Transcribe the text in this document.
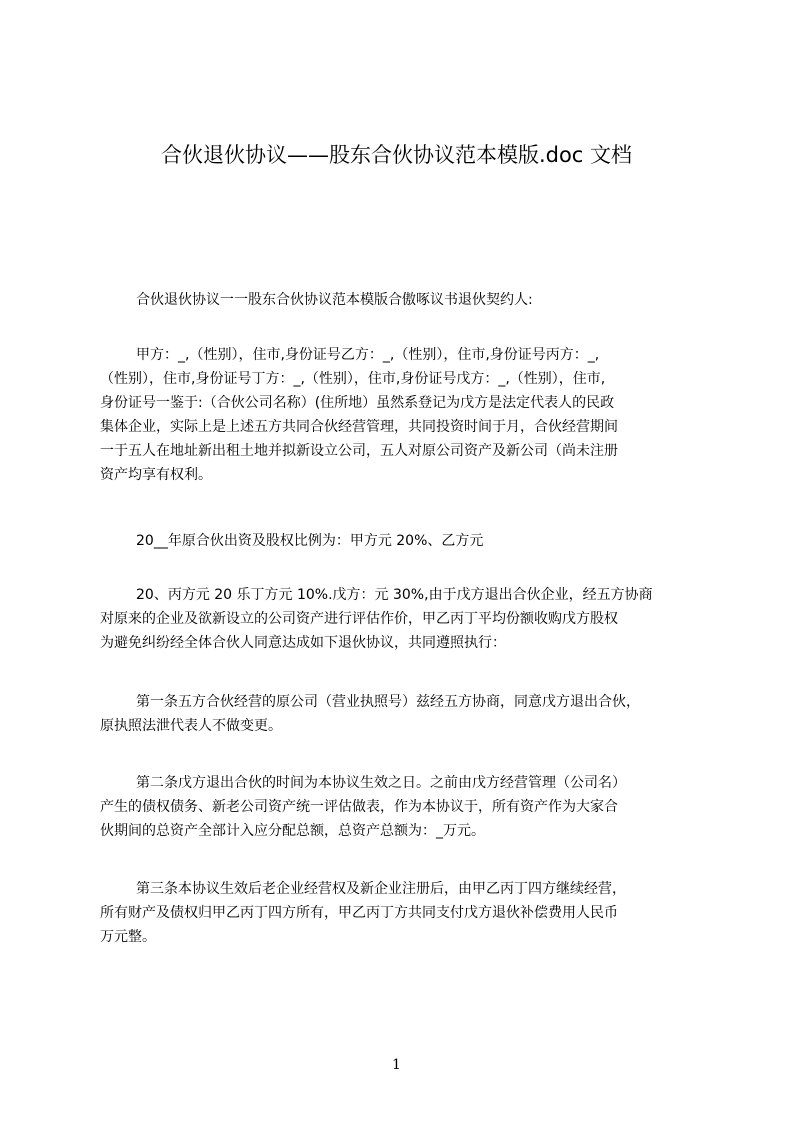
合伙退伙协议——股东合伙协议范本模版.doc 文档
合伙退伙协议一一股东合伙协议范本模版合傲啄议书退伙契约人:
甲方：_,（性别），住市,身份证号乙方：_,（性别），住市,身份证号丙方：_,
（性别），住市,身份证号丁方：_,（性别），住市,身份证号戊方：_,（性别），住市,
身份证号一鉴于:（合伙公司名称）(住所地）虽然系登记为戊方是法定代表人的民政
集体企业，实际上是上述五方共同合伙经营管理，共同投资时间于月，合伙经营期间
一于五人在地址新出租土地并拟新设立公司，五人对原公司资产及新公司（尚未注册
资产均享有权利。
20__年原合伙出资及股权比例为：甲方元 20%、乙方元
20、丙方元 20 乐丁方元 10%.戊方：元 30%,由于戊方退出合伙企业，经五方协商
对原来的企业及欲新设立的公司资产进行评估作价，甲乙丙丁平均份额收购戊方股权
为避免纠纷经全体合伙人同意达成如下退伙协议，共同遵照执行：
第一条五方合伙经营的原公司（营业执照号）兹经五方协商，同意戊方退出合伙，
原执照法泄代表人不做变更。
第二条戊方退出合伙的时间为本协议生效之日。之前由戊方经营管理（公司名）
产生的债权债务、新老公司资产统一评估做表，作为本协议于，所有资产作为大家合
伙期间的总资产全部计入应分配总额，总资产总额为：_万元。
第三条本协议生效后老企业经营权及新企业注册后，由甲乙丙丁四方继续经营，
所有财产及债权归甲乙丙丁四方所有，甲乙丙丁方共同支付戊方退伙补偿费用人民币
万元整。
1
